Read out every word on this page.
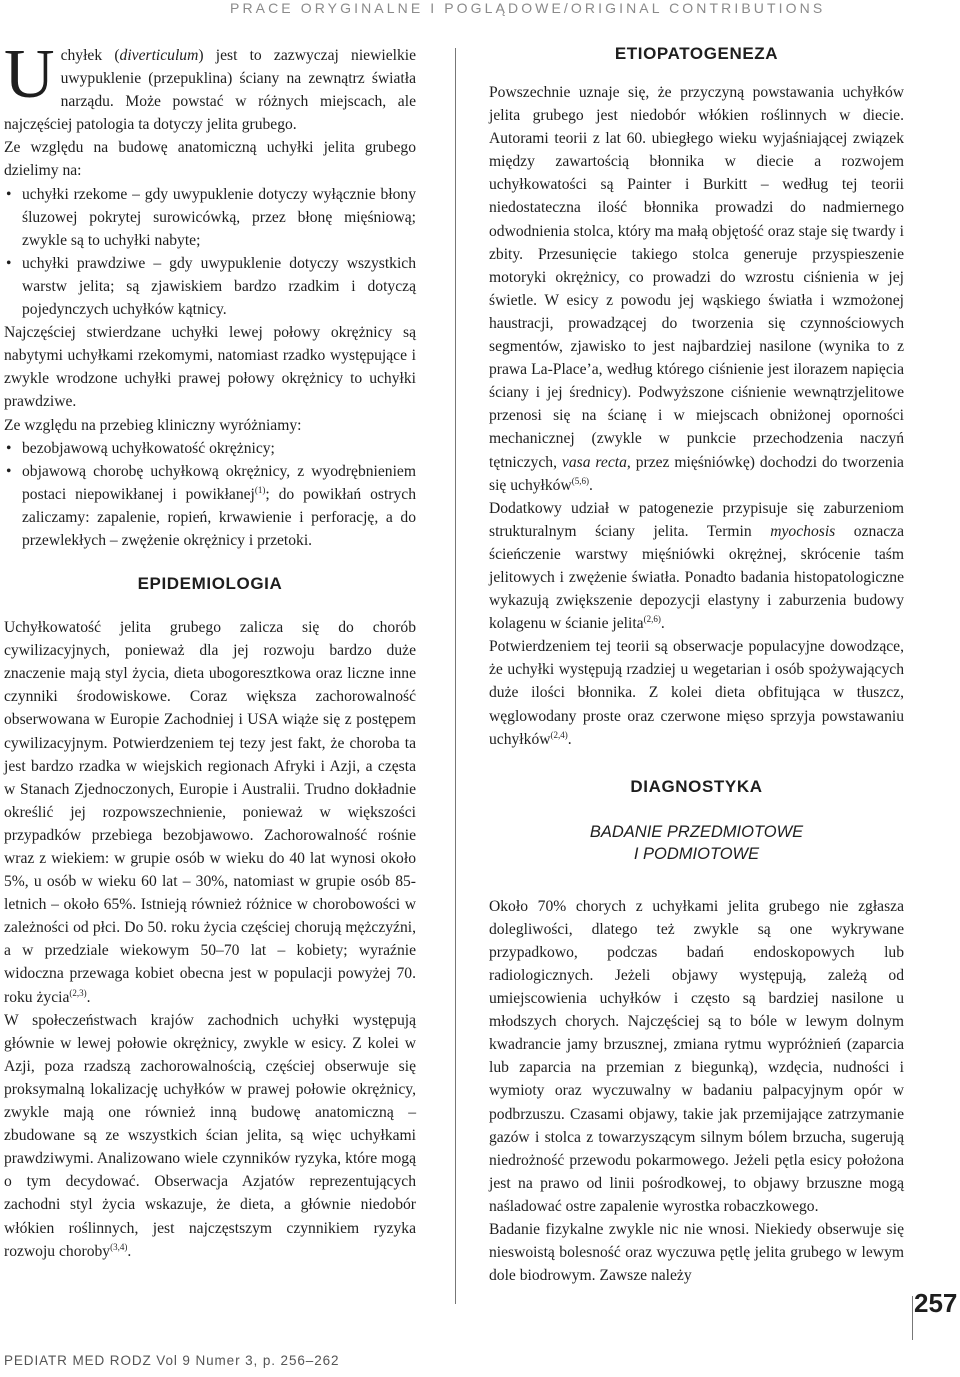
PRACE ORYGINALNE I POGLĄDOWE/ORIGINAL CONTRIBUTIONS

Uchyłek (diverticulum) jest to zazwyczaj niewielkie uwypuklenie (przepuklina) ściany na zewnątrz światła narządu. Może powstać w różnych miejscach, ale najczęściej patologia ta dotyczy jelita grubego.

Ze względu na budowę anatomiczną uchyłki jelita grubego dzielimy na:

• uchyłki rzekome – gdy uwypuklenie dotyczy wyłącznie błony śluzowej pokrytej surowicówką, przez błonę mięśniową; zwykle są to uchyłki nabyte;
• uchyłki prawdziwe – gdy uwypuklenie dotyczy wszystkich warstw jelita; są zjawiskiem bardzo rzadkim i dotyczą pojedynczych uchyłków kątnicy.

Najczęściej stwierdzane uchyłki lewej połowy okrężnicy są nabytymi uchyłkami rzekomymi, natomiast rzadko występujące i zwykle wrodzone uchyłki prawej połowy okrężnicy to uchyłki prawdziwe.

Ze względu na przebieg kliniczny wyróżniamy:

• bezobjawową uchyłkowatość okrężnicy;
• objawową chorobę uchyłkową okrężnicy, z wyodrębnieniem postaci niepowikłanej i powikłanej$^{(1)}$; do powikłań ostrych zaliczamy: zapalenie, ropień, krwawienie i perforację, a do przewlekłych – zwężenie okrężnicy i przetoki.
EPIDEMIOLOGIA

Uchyłkowatość jelita grubego zalicza się do chorób cywilizacyjnych, ponieważ dla jej rozwoju bardzo duże znaczenie mają styl życia, dieta ubogoresztkowa oraz liczne inne czynniki środowiskowe. Coraz większa zachorowalność obserwowana w Europie Zachodniej i USA wiąże się z postępem cywilizacyjnym. Potwierdzeniem tej tezy jest fakt, że choroba ta jest bardzo rzadka w wiejskich regionach Afryki i Azji, a częsta w Stanach Zjednoczonych, Europie i Australii. Trudno dokładnie określić jej rozpowszechnienie, ponieważ w większości przypadków przebiega bezobjawowo. Zachorowalność rośnie wraz z wiekiem: w grupie osób w wieku do 40 lat wynosi około 5%, u osób w wieku 60 lat – 30%, natomiast w grupie osób 85-letnich – około 65%. Istnieją również różnice w chorobowości w zależności od płci. Do 50. roku życia częściej chorują mężczyźni, a w przedziale wiekowym 50–70 lat – kobiety; wyraźnie widoczna przewaga kobiet obecna jest w populacji powyżej 70. roku życia$^{(2,3)}$.

W społeczeństwach krajów zachodnich uchyłki występują głównie w lewej połowie okrężnicy, zwykle w esicy. Z kolei w Azji, poza rzadszą zachorowalnością, częściej obserwuje się proksymalną lokalizację uchyłków w prawej połowie okrężnicy, zwykle mają one również inną budowę anatomiczną – zbudowane są ze wszystkich ścian jelita, są więc uchyłkami prawdziwymi. Analizowano wiele czynników ryzyka, które mogą o tym decydować. Obserwacja Azjatów reprezentujących zachodni styl życia wskazuje, że dieta, a głównie niedobór włókien roślinnych, jest najczęstszym czynnikiem ryzyka rozwoju choroby$^{(3,4)}$.

ETIOPATOGENEZA

Powszechnie uznaje się, że przyczyną powstawania uchyłków jelita grubego jest niedobór włókien roślinnych w diecie. Autorami teorii z lat 60. ubiegłego wieku wyjaśniającej związek między zawartością błonnika w diecie a rozwojem uchyłkowatości są Painter i Burkitt – według tej teorii niedostateczna ilość błonnika prowadzi do nadmiernego odwodnienia stolca, który ma małą objętość oraz staje się twardy i zbity. Przesunięcie takiego stolca generuje przyspieszenie motoryki okrężnicy, co prowadzi do wzrostu ciśnienia w jej świetle. W esicy z powodu jej wąskiego światła i wzmożonej haustracji, prowadzącej do tworzenia się czynnościowych segmentów, zjawisko to jest najbardziej nasilone (wynika to z prawa La-Place’a, według którego ciśnienie jest ilorazem napięcia ściany i jej średnicy). Podwyższone ciśnienie wewnątrzjelitowe przenosi się na ścianę i w miejscach obniżonej oporności mechanicznej (zwykle w punkcie przechodzenia naczyń tętniczych, vasa recta, przez mięśniówkę) dochodzi do tworzenia się uchyłków$^{(5,6)}$.

Dodatkowy udział w patogenezie przypisuje się zaburzeniom strukturalnym ściany jelita. Termin myochosis oznacza ścieńczenie warstwy mięśniówki okrężnej, skrócenie taśm jelitowych i zwężenie światła. Ponadto badania histopatologiczne wykazują zwiększenie depozycji elastyny i zaburzenia budowy kolagenu w ścianie jelita$^{(2,6)}$.

Potwierdzeniem tej teorii są obserwacje populacyjne dowodzące, że uchyłki występują rzadziej u wegetarian i osób spożywających duże ilości błonnika. Z kolei dieta obfitująca w tłuszcz, węglowodany proste oraz czerwone mięso sprzyja powstawaniu uchyłków$^{(2,4)}$.

DIAGNOSTYKA
BADANIE PRZEDMIOTOWE
I PODMIOTOWE

Około 70% chorych z uchyłkami jelita grubego nie zgłasza dolegliwości, dlatego też zwykle są one wykrywane przypadkowo, podczas badań endoskopowych lub radiologicznych. Jeżeli objawy występują, zależą od umiejscowienia uchyłków i często są bardziej nasilone u młodszych chorych. Najczęściej są to bóle w lewym dolnym kwadrancie jamy brzusznej, zmiana rytmu wypróżnień (zaparcia lub zaparcia na przemian z biegunką), wzdęcia, nudności i wymioty oraz wyczuwalny w badaniu palpacyjnym opór w podbrzuszu. Czasami objawy, takie jak przemijające zatrzymanie gazów i stolca z towarzyszącym silnym bólem brzucha, sugerują niedrożność przewodu pokarmowego. Jeżeli pętla esicy położona jest na prawo od linii pośrodkowej, to objawy brzuszne mogą naśladować ostre zapalenie wyrostka robaczkowego.

Badanie fizykalne zwykle nic nie wnosi. Niekiedy obserwuje się nieswoistą bolesność oraz wyczuwa pętlę jelita grubego w lewym dole biodrowym. Zawsze należy

257
PEDIATR MED RODZ Vol 9 Numer 3, p. 256–262
